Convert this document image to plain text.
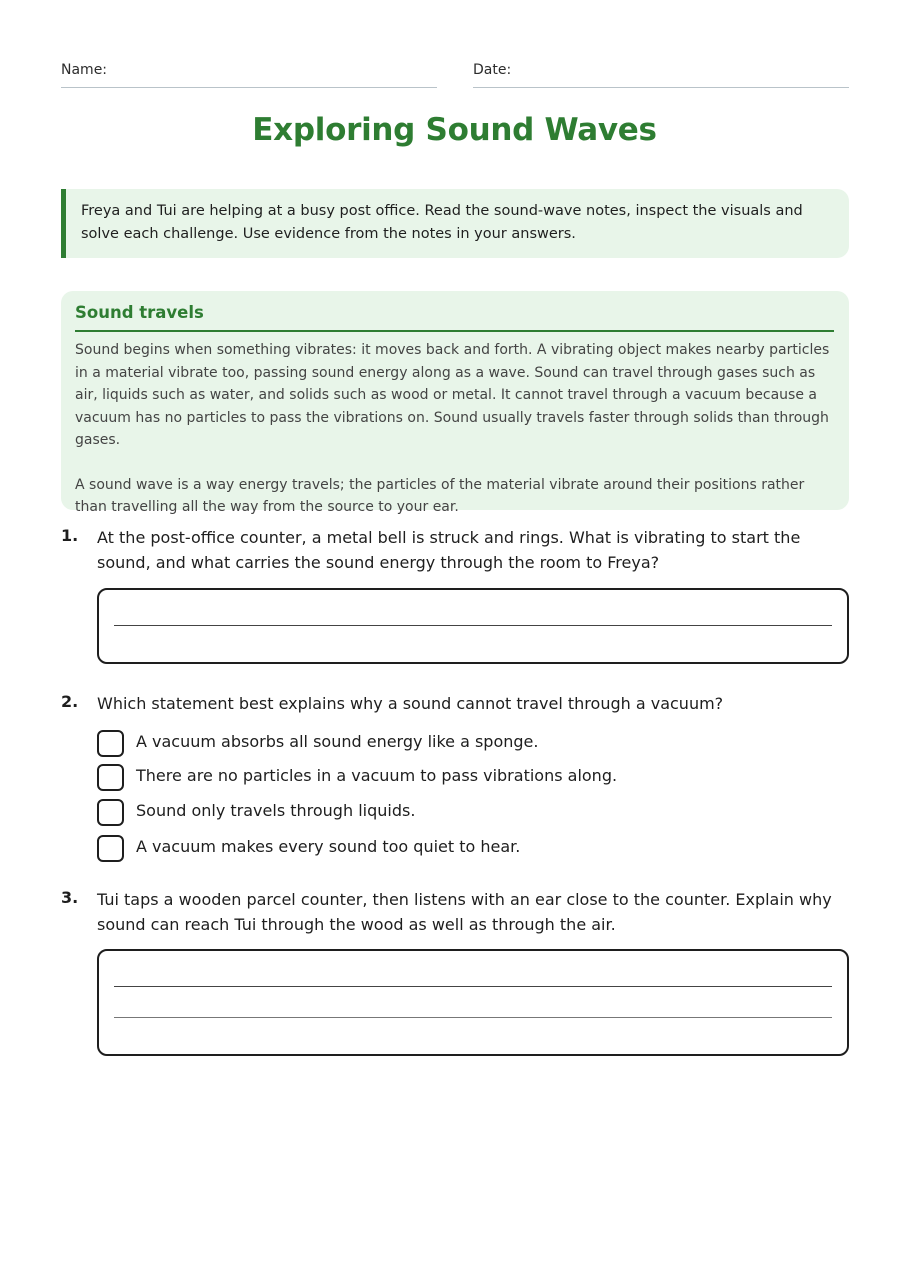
Name:	Date:
Exploring Sound Waves
Freya and Tui are helping at a busy post office. Read the sound-wave notes, inspect the visuals and solve each challenge. Use evidence from the notes in your answers.
Sound travels

Sound begins when something vibrates: it moves back and forth. A vibrating object makes nearby particles in a material vibrate too, passing sound energy along as a wave. Sound can travel through gases such as air, liquids such as water, and solids such as wood or metal. It cannot travel through a vacuum because a vacuum has no particles to pass the vibrations on. Sound usually travels faster through solids than through gases.

A sound wave is a way energy travels; the particles of the material vibrate around their positions rather than travelling all the way from the source to your ear.

1. At the post-office counter, a metal bell is struck and rings. What is vibrating to start the sound, and what carries the sound energy through the room to Freya?
2. Which statement best explains why a sound cannot travel through a vacuum?
A vacuum absorbs all sound energy like a sponge.
There are no particles in a vacuum to pass vibrations along.
Sound only travels through liquids.
A vacuum makes every sound too quiet to hear.
3. Tui taps a wooden parcel counter, then listens with an ear close to the counter. Explain why sound can reach Tui through the wood as well as through the air.
